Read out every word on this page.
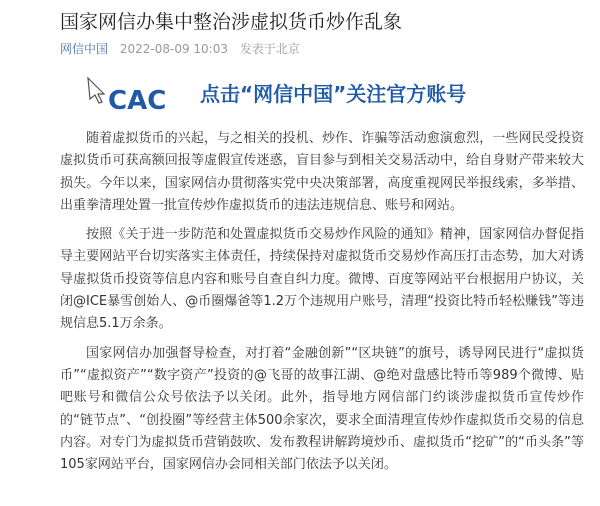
国家网信办集中整治涉虚拟货币炒作乱象
网信中国 2022-08-09 10:03 发表于北京
CAC 点击“网信中国”关注官方账号

随着虚拟货币的兴起，与之相关的投机、炒作、诈骗等活动愈演愈烈，一些网民受投资虚拟货币可获高额回报等虚假宣传迷惑，盲目参与到相关交易活动中，给自身财产带来较大损失。今年以来，国家网信办贯彻落实党中央决策部署，高度重视网民举报线索，多举措、出重拳清理处置一批宣传炒作虚拟货币的违法违规信息、账号和网站。

按照《关于进一步防范和处置虚拟货币交易炒作风险的通知》精神，国家网信办督促指导主要网站平台切实落实主体责任，持续保持对虚拟货币交易炒作高压打击态势，加大对诱导虚拟货币投资等信息内容和账号自查自纠力度。微博、百度等网站平台根据用户协议，关闭@ICE暴雪创始人、@币圈爆爸等1.2万个违规用户账号，清理“投资比特币轻松赚钱”等违规信息5.1万余条。

国家网信办加强督导检查，对打着“金融创新”“区块链”的旗号，诱导网民进行“虚拟货币”“虚拟资产”“数字资产”投资的@飞哥的故事江湖、@绝对盘感比特币等989个微博、贴吧账号和微信公众号依法予以关闭。此外，指导地方网信部门约谈涉虚拟货币宣传炒作的“链节点”、“创投圈”等经营主体500余家次，要求全面清理宣传炒作虚拟货币交易的信息内容。对专门为虚拟货币营销鼓吹、发布教程讲解跨境炒币、虚拟货币“挖矿”的“币头条”等105家网站平台，国家网信办会同相关部门依法予以关闭。
